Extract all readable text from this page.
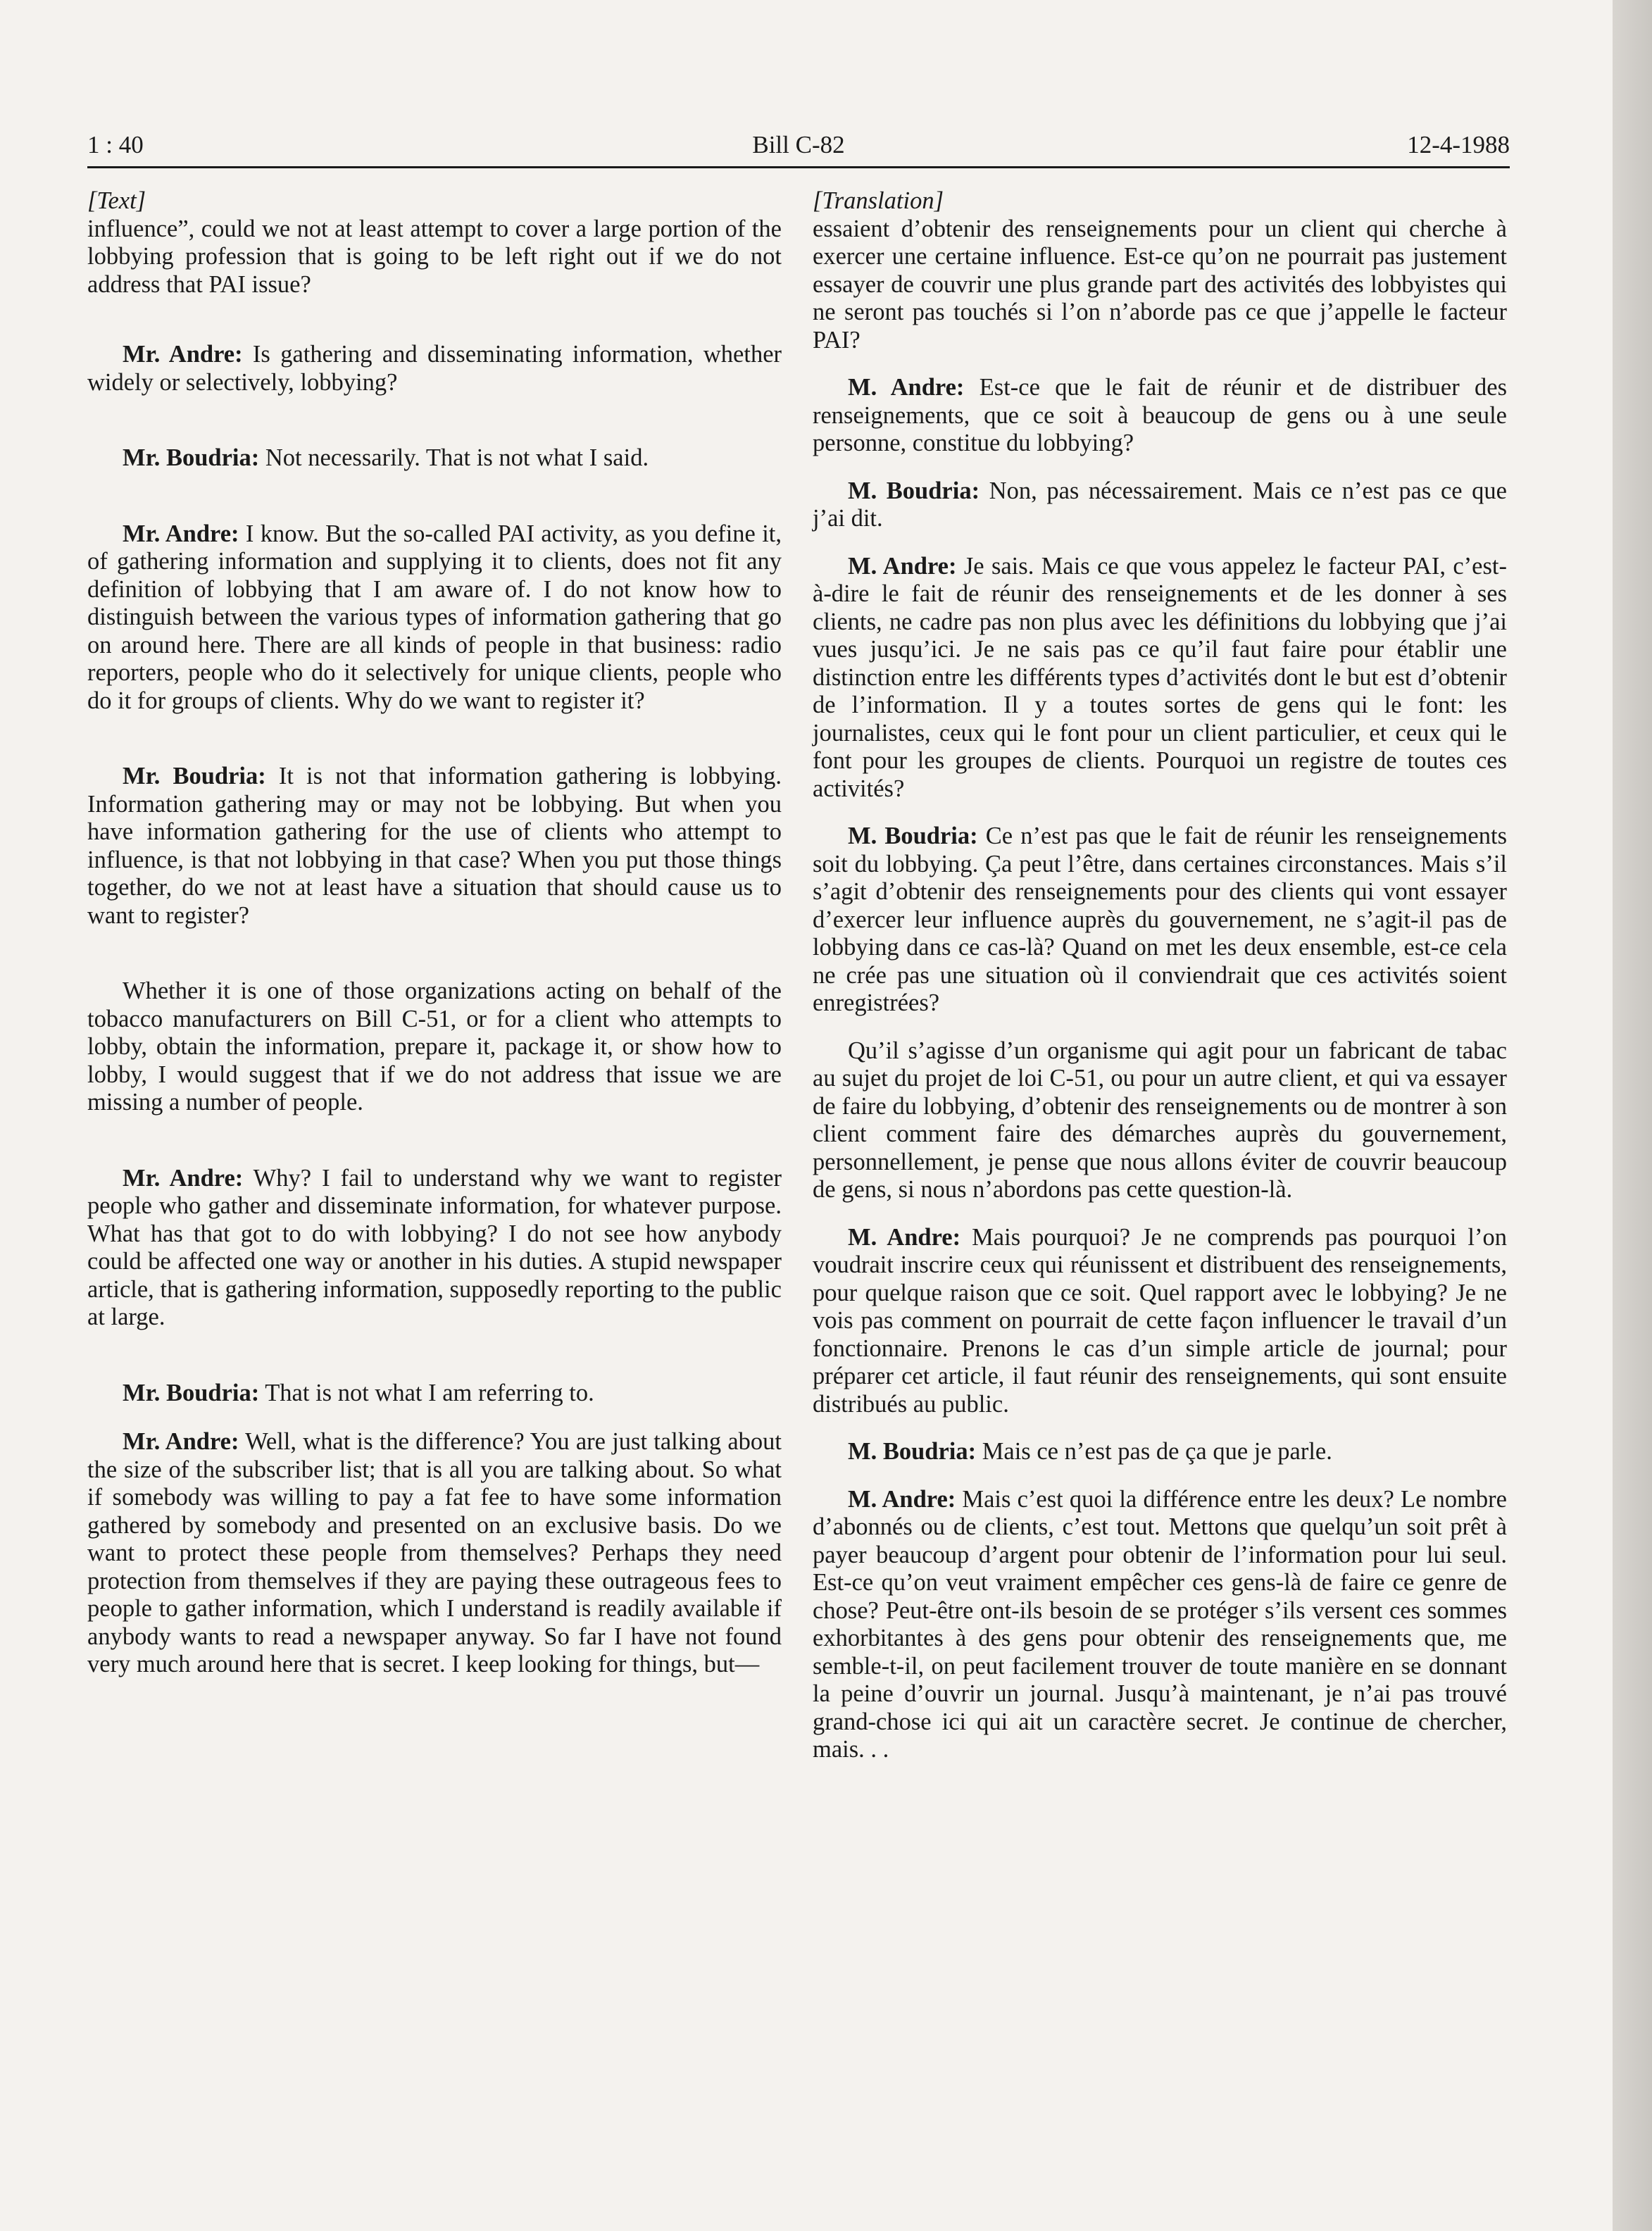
1 : 40	Bill C-82	12-4-1988

[Text]

influence”, could we not at least attempt to cover a large portion of the lobbying profession that is going to be left right out if we do not address that PAI issue?

Mr. Andre: Is gathering and disseminating information, whether widely or selectively, lobbying?

Mr. Boudria: Not necessarily. That is not what I said.

Mr. Andre: I know. But the so-called PAI activity, as you define it, of gathering information and supplying it to clients, does not fit any definition of lobbying that I am aware of. I do not know how to distinguish between the various types of information gathering that go on around here. There are all kinds of people in that business: radio reporters, people who do it selectively for unique clients, people who do it for groups of clients. Why do we want to register it?

Mr. Boudria: It is not that information gathering is lobbying. Information gathering may or may not be lobbying. But when you have information gathering for the use of clients who attempt to influence, is that not lobbying in that case? When you put those things together, do we not at least have a situation that should cause us to want to register?

Whether it is one of those organizations acting on behalf of the tobacco manufacturers on Bill C-51, or for a client who attempts to lobby, obtain the information, prepare it, package it, or show how to lobby, I would suggest that if we do not address that issue we are missing a number of people.

Mr. Andre: Why? I fail to understand why we want to register people who gather and disseminate information, for whatever purpose. What has that got to do with lobbying? I do not see how anybody could be affected one way or another in his duties. A stupid newspaper article, that is gathering information, supposedly reporting to the public at large.

Mr. Boudria: That is not what I am referring to.

Mr. Andre: Well, what is the difference? You are just talking about the size of the subscriber list; that is all you are talking about. So what if somebody was willing to pay a fat fee to have some information gathered by somebody and presented on an exclusive basis. Do we want to protect these people from themselves? Perhaps they need protection from themselves if they are paying these outrageous fees to people to gather information, which I understand is readily available if anybody wants to read a newspaper anyway. So far I have not found very much around here that is secret. I keep looking for things, but—

[Translation]

essaient d’obtenir des renseignements pour un client qui cherche à exercer une certaine influence. Est-ce qu’on ne pourrait pas justement essayer de couvrir une plus grande part des activités des lobbyistes qui ne seront pas touchés si l’on n’aborde pas ce que j’appelle le facteur PAI?

M. Andre: Est-ce que le fait de réunir et de distribuer des renseignements, que ce soit à beaucoup de gens ou à une seule personne, constitue du lobbying?

M. Boudria: Non, pas nécessairement. Mais ce n’est pas ce que j’ai dit.

M. Andre: Je sais. Mais ce que vous appelez le facteur PAI, c’est-à-dire le fait de réunir des renseignements et de les donner à ses clients, ne cadre pas non plus avec les définitions du lobbying que j’ai vues jusqu’ici. Je ne sais pas ce qu’il faut faire pour établir une distinction entre les différents types d’activités dont le but est d’obtenir de l’information. Il y a toutes sortes de gens qui le font: les journalistes, ceux qui le font pour un client particulier, et ceux qui le font pour les groupes de clients. Pourquoi un registre de toutes ces activités?

M. Boudria: Ce n’est pas que le fait de réunir les renseignements soit du lobbying. Ça peut l’être, dans certaines circonstances. Mais s’il s’agit d’obtenir des renseignements pour des clients qui vont essayer d’exercer leur influence auprès du gouvernement, ne s’agit-il pas de lobbying dans ce cas-là? Quand on met les deux ensemble, est-ce cela ne crée pas une situation où il conviendrait que ces activités soient enregistrées?

Qu’il s’agisse d’un organisme qui agit pour un fabricant de tabac au sujet du projet de loi C-51, ou pour un autre client, et qui va essayer de faire du lobbying, d’obtenir des renseignements ou de montrer à son client comment faire des démarches auprès du gouvernement, personnellement, je pense que nous allons éviter de couvrir beaucoup de gens, si nous n’abordons pas cette question-là.

M. Andre: Mais pourquoi? Je ne comprends pas pourquoi l’on voudrait inscrire ceux qui réunissent et distribuent des renseignements, pour quelque raison que ce soit. Quel rapport avec le lobbying? Je ne vois pas comment on pourrait de cette façon influencer le travail d’un fonctionnaire. Prenons le cas d’un simple article de journal; pour préparer cet article, il faut réunir des renseignements, qui sont ensuite distribués au public.

M. Boudria: Mais ce n’est pas de ça que je parle.

M. Andre: Mais c’est quoi la différence entre les deux? Le nombre d’abonnés ou de clients, c’est tout. Mettons que quelqu’un soit prêt à payer beaucoup d’argent pour obtenir de l’information pour lui seul. Est-ce qu’on veut vraiment empêcher ces gens-là de faire ce genre de chose? Peut-être ont-ils besoin de se protéger s’ils versent ces sommes exhorbitantes à des gens pour obtenir des renseignements que, me semble-t-il, on peut facilement trouver de toute manière en se donnant la peine d’ouvrir un journal. Jusqu’à maintenant, je n’ai pas trouvé grand-chose ici qui ait un caractère secret. Je continue de chercher, mais. . .
